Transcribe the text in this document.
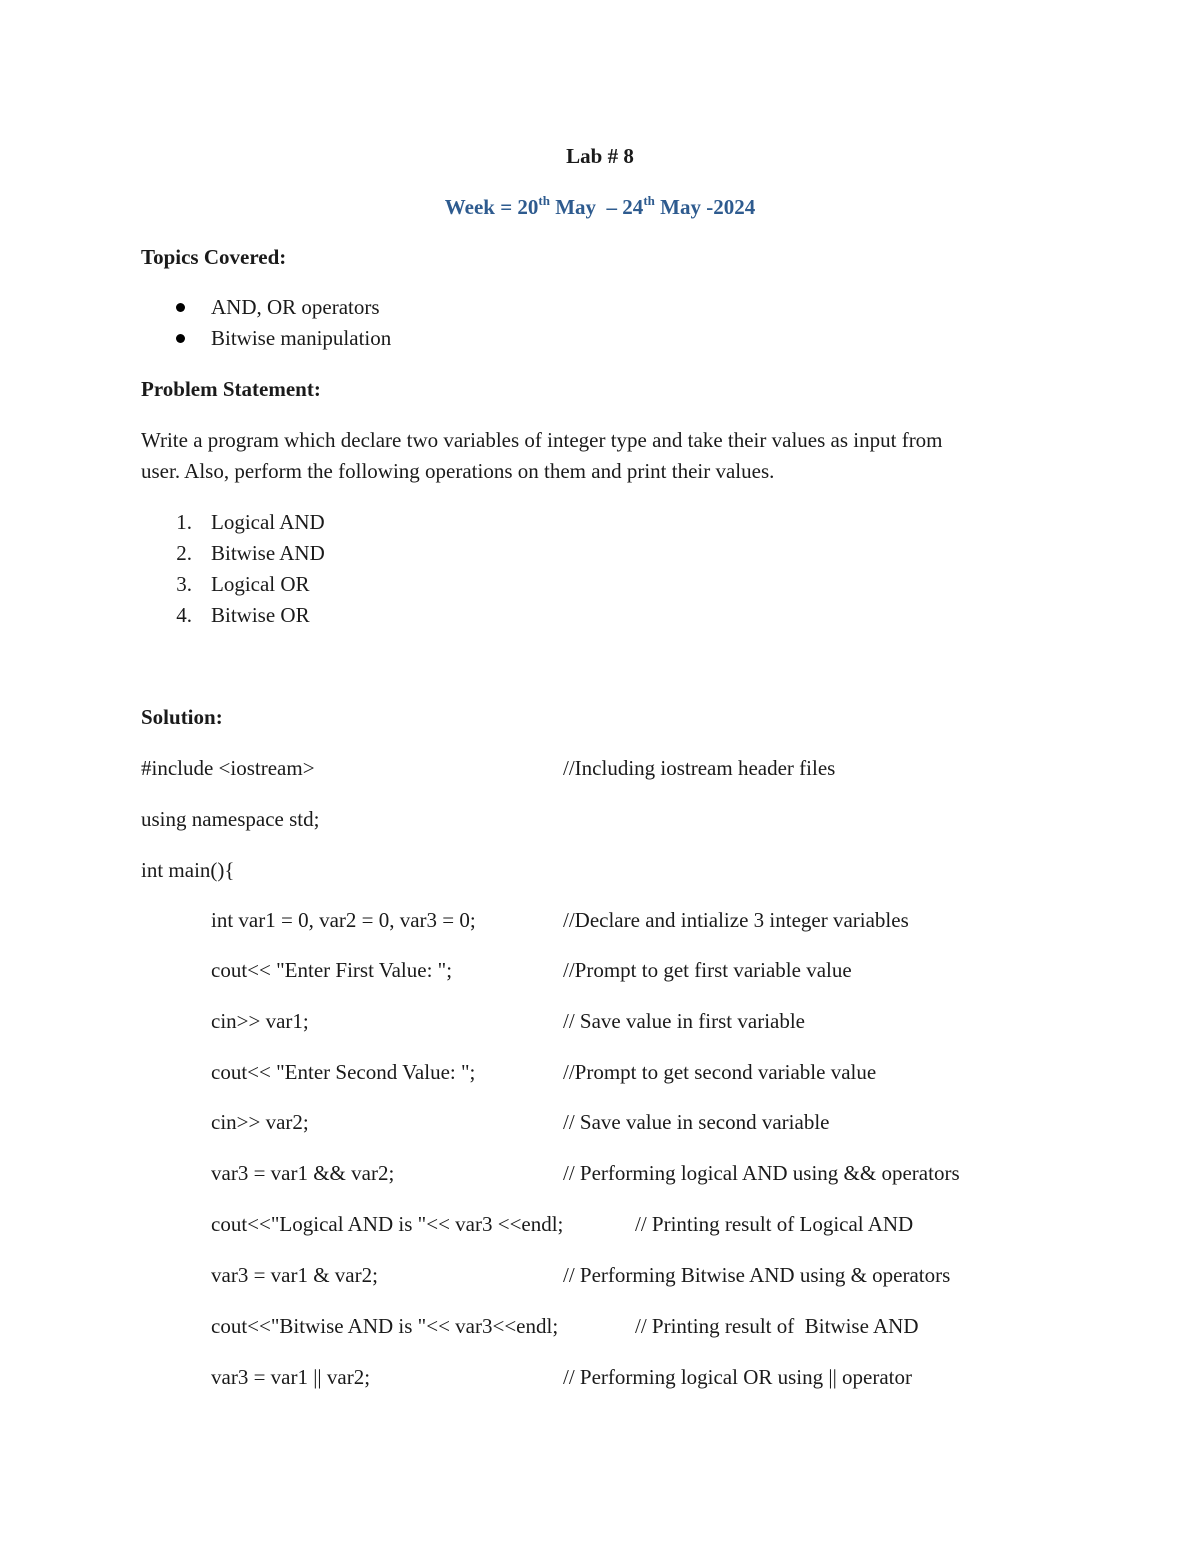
Lab # 8
Week = 20th May  – 24th May -2024
Topics Covered:
AND, OR operators
Bitwise manipulation
Problem Statement:
Write a program which declare two variables of integer type and take their values as input from
user. Also, perform the following operations on them and print their values.
1. Logical AND
2. Bitwise AND
3. Logical OR
4. Bitwise OR
Solution:
#include <iostream>	//Including iostream header files
using namespace std;
int main(){
int var1 = 0, var2 = 0, var3 = 0;	//Declare and intialize 3 integer variables
cout<< "Enter First Value: ";	//Prompt to get first variable value
cin>> var1;	// Save value in first variable
cout<< "Enter Second Value: ";	//Prompt to get second variable value
cin>> var2;	// Save value in second variable
var3 = var1 && var2;	// Performing logical AND using && operators
cout<<"Logical AND is "<< var3 <<endl;	// Printing result of Logical AND
var3 = var1 & var2;	// Performing Bitwise AND using & operators
cout<<"Bitwise AND is "<< var3<<endl;	// Printing result of  Bitwise AND
var3 = var1 || var2;	// Performing logical OR using || operator
